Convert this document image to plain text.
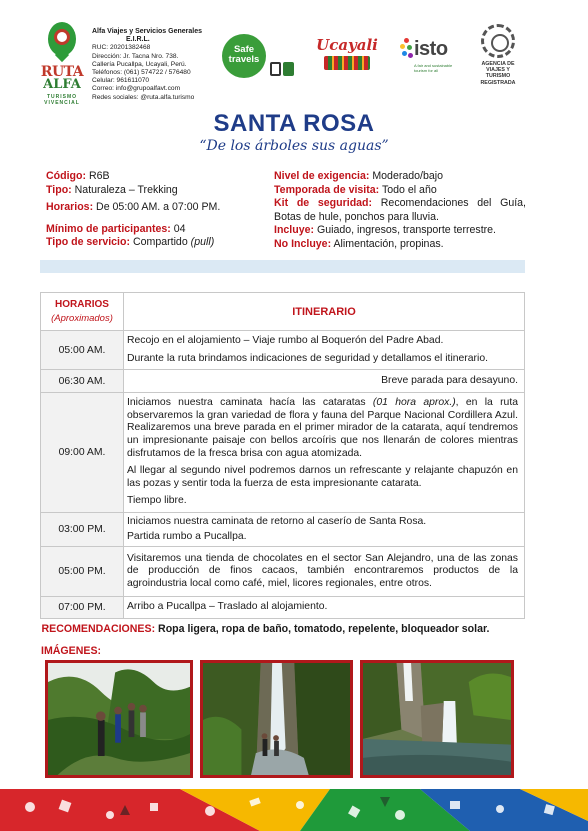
RUTA
ALFA
TURISMO VIVENCIAL
Alfa Viajes y Servicios Generales
E.I.R.L.
RUC: 20201382468
Dirección: Jr. Tacna Nro. 738.
Callería Pucallpa, Ucayali, Perú.
Teléfonos: (061) 574722 / 576480
Celular: 961611070
Correo: info@grupoalfavt.com
Redes sociales: @ruta.alfa.turismo
Safe travels
Ucayali isto
A fair and sustainable tourism for all
AGENCIA DE VIAJES Y TURISMO REGISTRADA
SANTA ROSA
“De los árboles sus aguas”
Código: R6B
Tipo: Naturaleza – Trekking
Horarios: De 05:00 AM. a 07:00 PM.
Mínimo de participantes: 04
Tipo de servicio: Compartido (pull)
Nivel de exigencia: Moderado/bajo
Temporada de visita: Todo el año
Kit de seguridad: Recomendaciones del Guía, Botas de hule, ponchos para lluvia.
Incluye: Guiado, ingresos, transporte terrestre.
No Incluye: Alimentación, propinas.
HORARIOS
(Aproximados)	ITINERARIO
05:00 AM.	Recojo en el alojamiento – Viaje rumbo al Boquerón del Padre Abad.

Durante la ruta brindamos indicaciones de seguridad y detallamos el itinerario.

06:30 AM.	Breve parada para desayuno.
09:00 AM.	Iniciamos nuestra caminata hacía las cataratas (01 hora aprox.), en la ruta observaremos la gran variedad de flora y fauna del Parque Nacional Cordillera Azul. Realizaremos una breve parada en el primer mirador de la catarata, aquí tendremos un impresionante paisaje con bellos arcoíris que nos llenarán de colores mientras disfrutamos de la fresca brisa con agua atomizada.

Al llegar al segundo nivel podremos darnos un refrescante y relajante chapuzón en las pozas y sentir toda la fuerza de esta impresionante catarata.

Tiempo libre.

03:00 PM.	Iniciamos nuestra caminata de retorno al caserío de Santa Rosa.

Partida rumbo a Pucallpa.

05:00 PM.	Visitaremos una tienda de chocolates en el sector San Alejandro, una de las zonas de producción de finos cacaos, también encontraremos productos de la agroindustria local como café, miel, licores regionales, entre otros.
07:00 PM.	Arribo a Pucallpa – Traslado al alojamiento.
RECOMENDACIONES: Ropa ligera, ropa de baño, tomatodo, repelente, bloqueador solar.	
IMÁGENES:
